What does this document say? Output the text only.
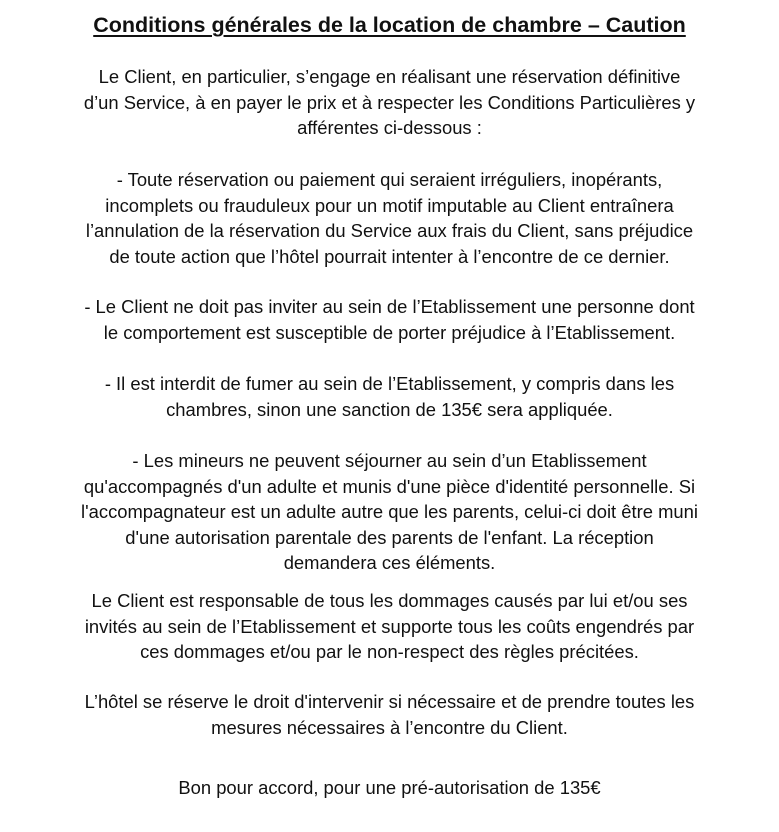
Conditions générales de la location de chambre – Caution
Le Client, en particulier, s’engage en réalisant une réservation définitive
d’un Service, à en payer le prix et à respecter les Conditions Particulières y
afférentes ci-dessous :
- Toute réservation ou paiement qui seraient irréguliers, inopérants,
incomplets ou frauduleux pour un motif imputable au Client entraînera
l’annulation de la réservation du Service aux frais du Client, sans préjudice
de toute action que l’hôtel pourrait intenter à l’encontre de ce dernier.
- Le Client ne doit pas inviter au sein de l’Etablissement une personne dont
le comportement est susceptible de porter préjudice à l’Etablissement.
- Il est interdit de fumer au sein de l’Etablissement, y compris dans les
chambres, sinon une sanction de 135€ sera appliquée.
- Les mineurs ne peuvent séjourner au sein d’un Etablissement
qu'accompagnés d'un adulte et munis d'une pièce d'identité personnelle. Si
l'accompagnateur est un adulte autre que les parents, celui-ci doit être muni
d'une autorisation parentale des parents de l'enfant. La réception
demandera ces éléments.
Le Client est responsable de tous les dommages causés par lui et/ou ses
invités au sein de l’Etablissement et supporte tous les coûts engendrés par
ces dommages et/ou par le non-respect des règles précitées.
L’hôtel se réserve le droit d'intervenir si nécessaire et de prendre toutes les
mesures nécessaires à l’encontre du Client.
Bon pour accord, pour une pré-autorisation de 135€
